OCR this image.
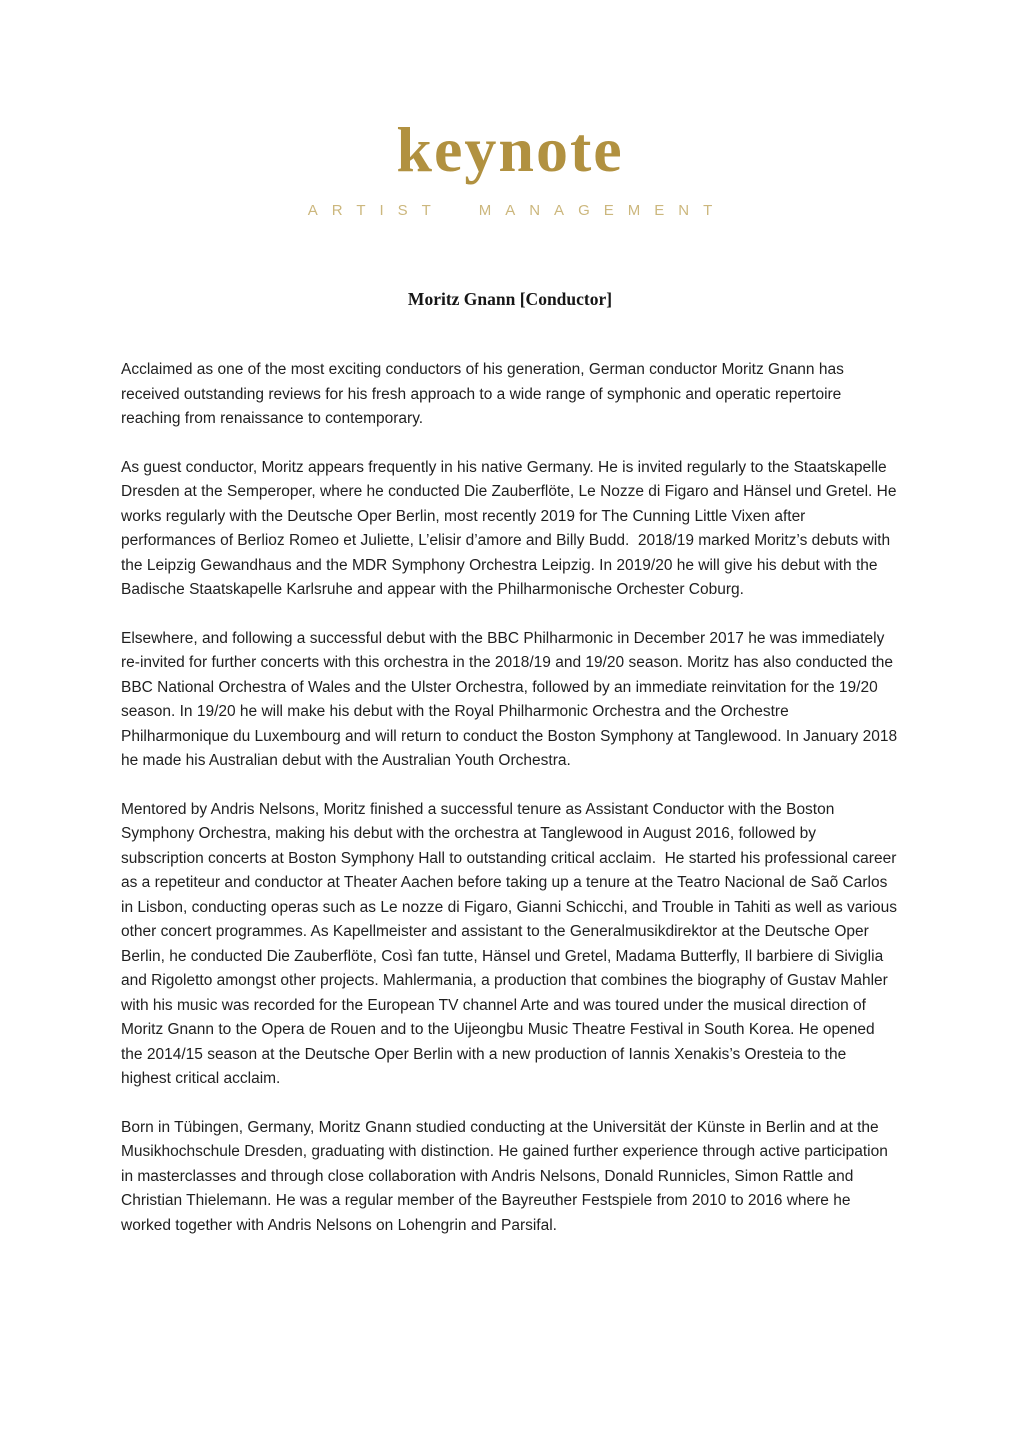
keynote
ARTIST MANAGEMENT
Moritz Gnann [Conductor]

Acclaimed as one of the most exciting conductors of his generation, German conductor Moritz Gnann has received outstanding reviews for his fresh approach to a wide range of symphonic and operatic repertoire reaching from renaissance to contemporary.

As guest conductor, Moritz appears frequently in his native Germany. He is invited regularly to the Staatskapelle Dresden at the Semperoper, where he conducted Die Zauberflöte, Le Nozze di Figaro and Hänsel und Gretel. He works regularly with the Deutsche Oper Berlin, most recently 2019 for The Cunning Little Vixen after performances of Berlioz Romeo et Juliette, L’elisir d’amore and Billy Budd.  2018/19 marked Moritz’s debuts with the Leipzig Gewandhaus and the MDR Symphony Orchestra Leipzig. In 2019/20 he will give his debut with the Badische Staatskapelle Karlsruhe and appear with the Philharmonische Orchester Coburg.

Elsewhere, and following a successful debut with the BBC Philharmonic in December 2017 he was immediately re-invited for further concerts with this orchestra in the 2018/19 and 19/20 season. Moritz has also conducted the BBC National Orchestra of Wales and the Ulster Orchestra, followed by an immediate reinvitation for the 19/20 season. In 19/20 he will make his debut with the Royal Philharmonic Orchestra and the Orchestre Philharmonique du Luxembourg and will return to conduct the Boston Symphony at Tanglewood. In January 2018 he made his Australian debut with the Australian Youth Orchestra.

Mentored by Andris Nelsons, Moritz finished a successful tenure as Assistant Conductor with the Boston Symphony Orchestra, making his debut with the orchestra at Tanglewood in August 2016, followed by subscription concerts at Boston Symphony Hall to outstanding critical acclaim.  He started his professional career as a repetiteur and conductor at Theater Aachen before taking up a tenure at the Teatro Nacional de Saõ Carlos in Lisbon, conducting operas such as Le nozze di Figaro, Gianni Schicchi, and Trouble in Tahiti as well as various other concert programmes. As Kapellmeister and assistant to the Generalmusikdirektor at the Deutsche Oper Berlin, he conducted Die Zauberflöte, Così fan tutte, Hänsel und Gretel, Madama Butterfly, Il barbiere di Siviglia and Rigoletto amongst other projects. Mahlermania, a production that combines the biography of Gustav Mahler with his music was recorded for the European TV channel Arte and was toured under the musical direction of Moritz Gnann to the Opera de Rouen and to the Uijeongbu Music Theatre Festival in South Korea. He opened the 2014/15 season at the Deutsche Oper Berlin with a new production of Iannis Xenakis’s Oresteia to the highest critical acclaim.

Born in Tübingen, Germany, Moritz Gnann studied conducting at the Universität der Künste in Berlin and at the Musikhochschule Dresden, graduating with distinction. He gained further experience through active participation in masterclasses and through close collaboration with Andris Nelsons, Donald Runnicles, Simon Rattle and Christian Thielemann. He was a regular member of the Bayreuther Festspiele from 2010 to 2016 where he worked together with Andris Nelsons on Lohengrin and Parsifal.
